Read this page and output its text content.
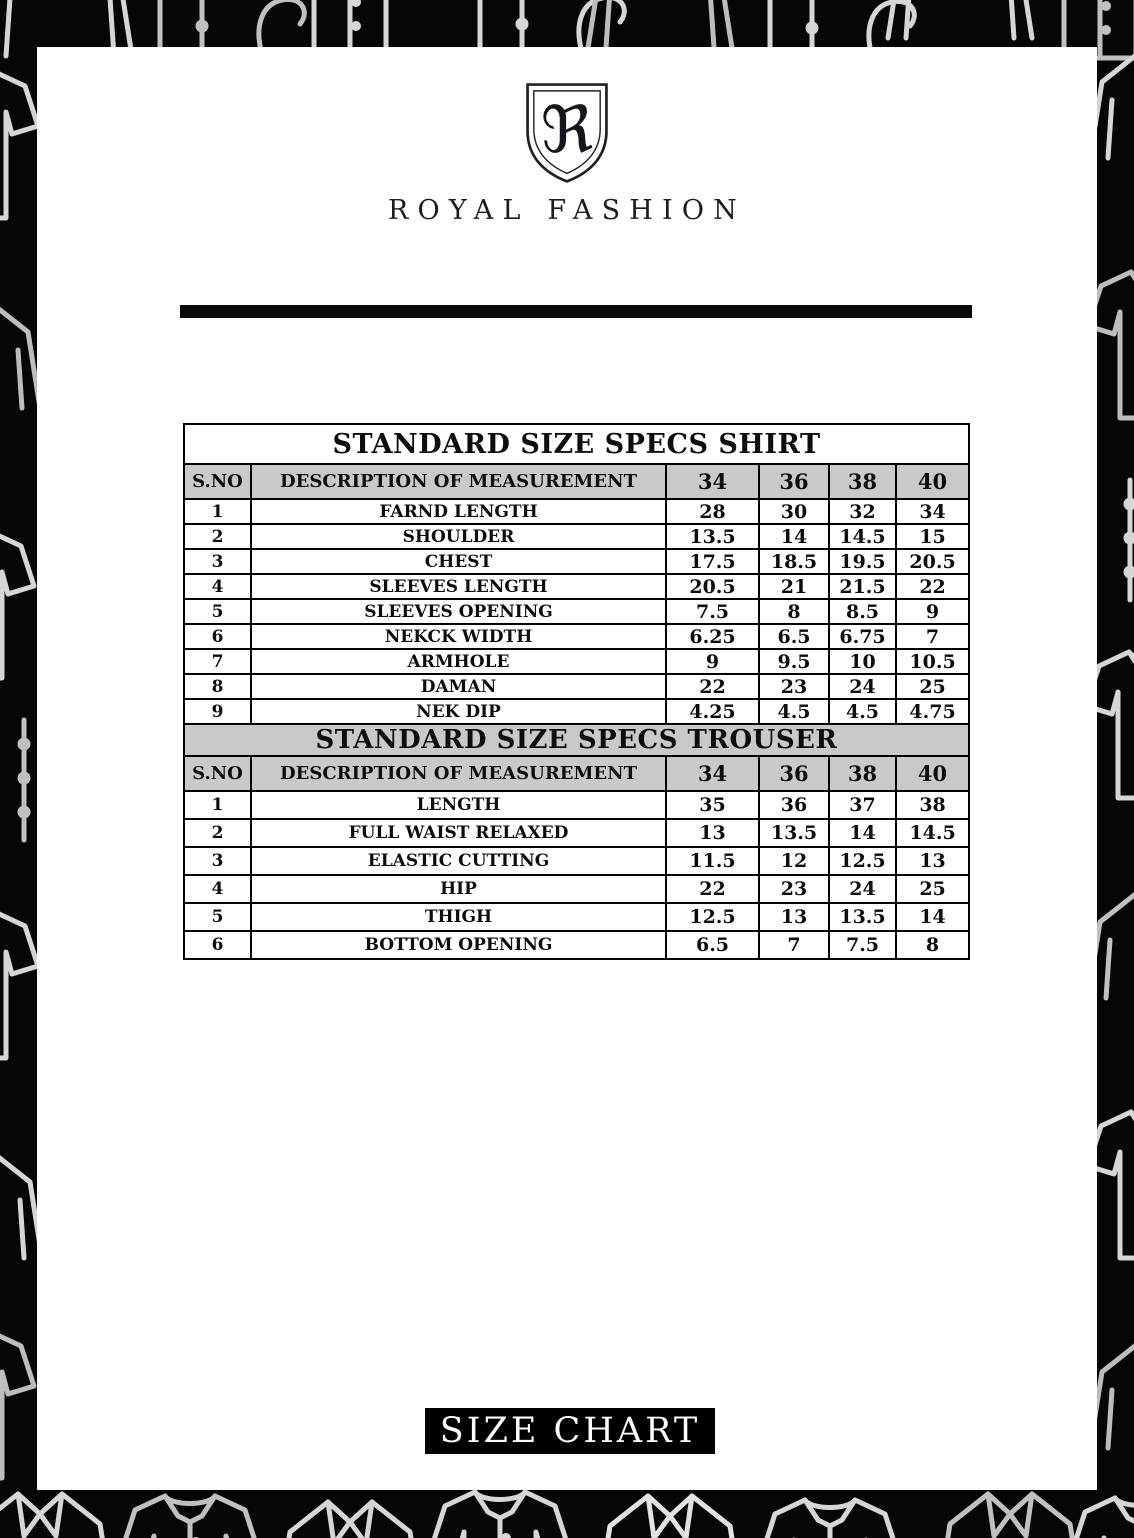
ℜ
ROYAL FASHION
STANDARD SIZE SPECS SHIRT					
S.NO	DESCRIPTION OF MEASUREMENT	34	36	38	40
1	FARND LENGTH	28	30	32	34
2	SHOULDER	13.5	14	14.5	15
3	CHEST	17.5	18.5	19.5	20.5
4	SLEEVES LENGTH	20.5	21	21.5	22
5	SLEEVES OPENING	7.5	8	8.5	9
6	NEKCK WIDTH	6.25	6.5	6.75	7
7	ARMHOLE	9	9.5	10	10.5
8	DAMAN	22	23	24	25
9	NEK DIP	4.25	4.5	4.5	4.75
STANDARD SIZE SPECS TROUSER					
S.NO	DESCRIPTION OF MEASUREMENT	34	36	38	40
1	LENGTH	35	36	37	38
2	FULL WAIST RELAXED	13	13.5	14	14.5
3	ELASTIC CUTTING	11.5	12	12.5	13
4	HIP	22	23	24	25
5	THIGH	12.5	13	13.5	14
6	BOTTOM OPENING	6.5	7	7.5	8
SIZE CHART
